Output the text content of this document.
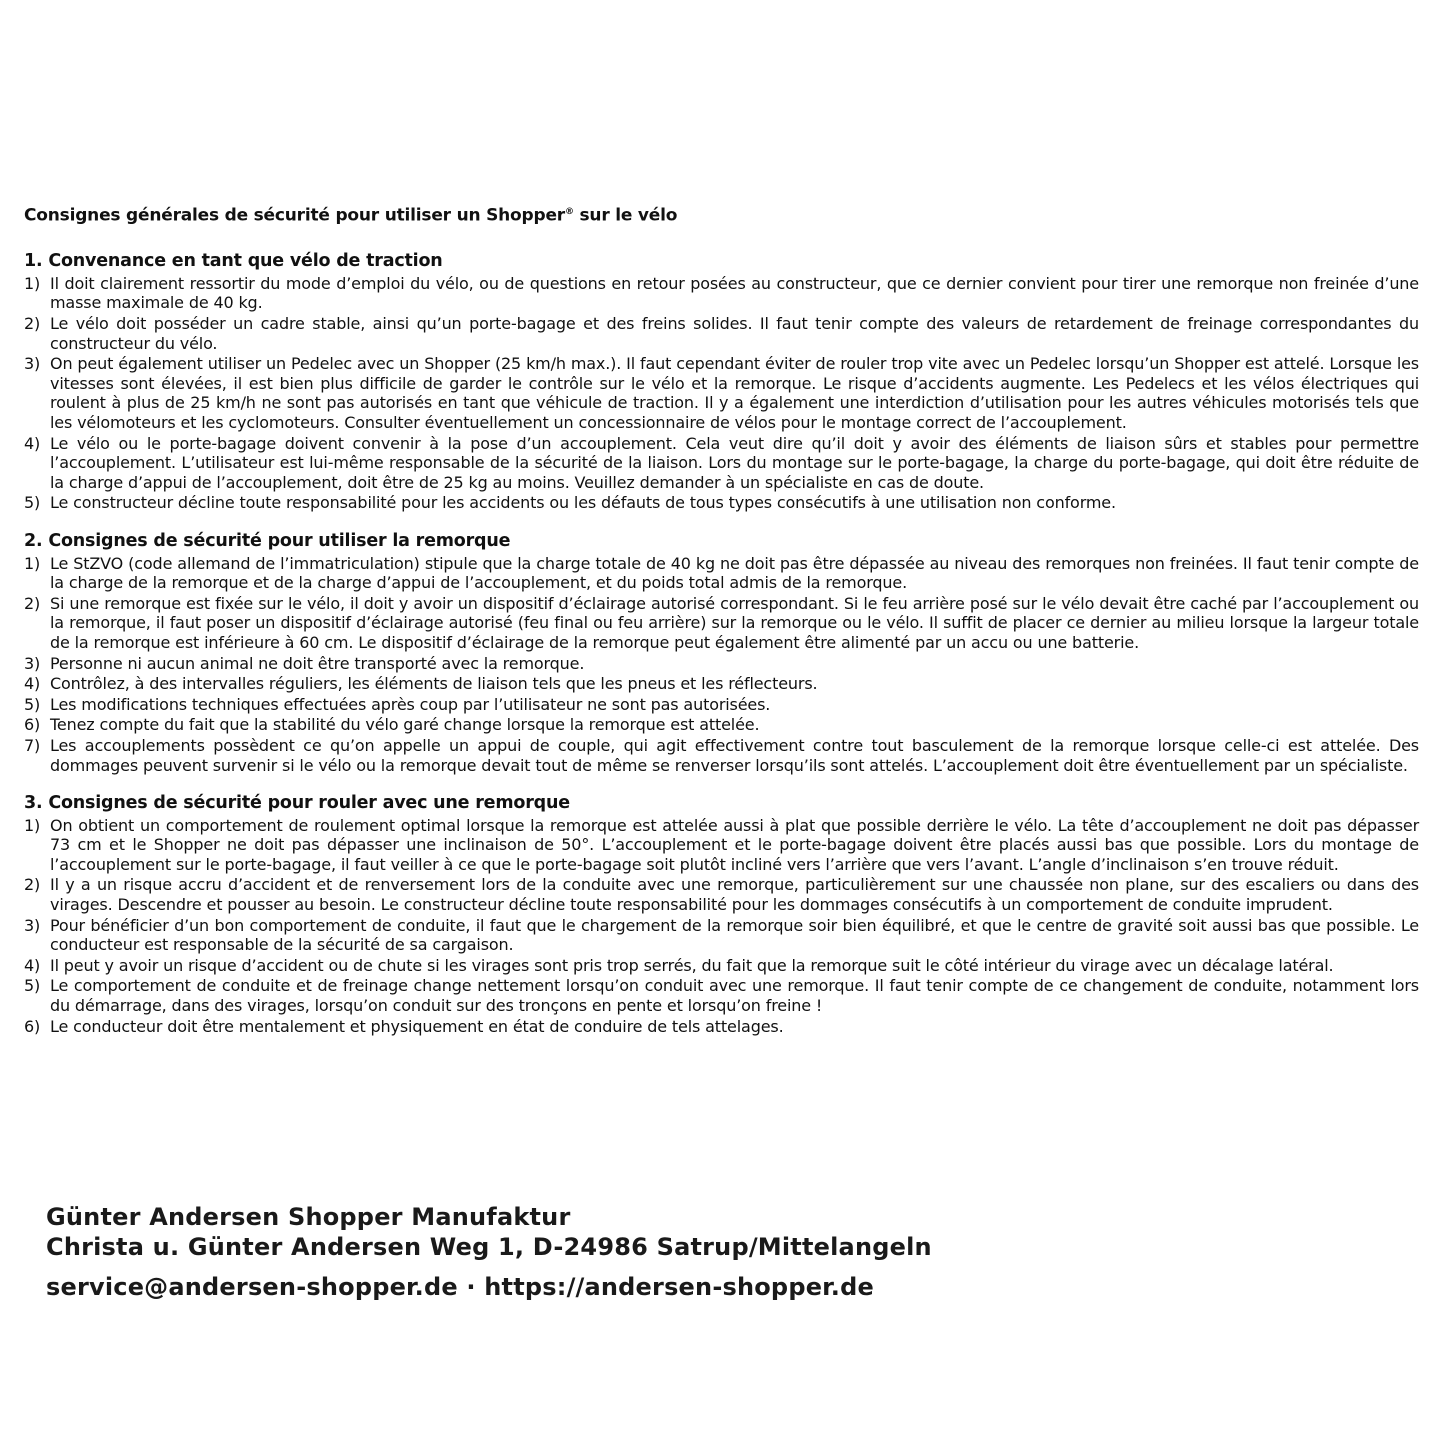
Consignes générales de sécurité pour utiliser un Shopper® sur le vélo
1. Convenance en tant que vélo de traction
1) Il doit clairement ressortir du mode d’emploi du vélo, ou de questions en retour posées au constructeur, que ce dernier convient pour tirer une remorque non freinée d’une masse maximale de 40 kg.
2) Le vélo doit posséder un cadre stable, ainsi qu’un porte-bagage et des freins solides. Il faut tenir compte des valeurs de retardement de freinage correspondantes du constructeur du vélo.
3) On peut également utiliser un Pedelec avec un Shopper (25 km/h max.). Il faut cependant éviter de rouler trop vite avec un Pedelec lorsqu’un Shopper est attelé. Lorsque les vitesses sont élevées, il est bien plus difficile de garder le contrôle sur le vélo et la remorque. Le risque d’accidents augmente. Les Pedelecs et les vélos électriques qui roulent à plus de 25 km/h ne sont pas autorisés en tant que véhicule de traction. Il y a également une interdiction d’utilisation pour les autres véhicules motorisés tels que les vélomoteurs et les cyclomoteurs. Consulter éventuellement un concessionnaire de vélos pour le montage correct de l’accouplement.
4) Le vélo ou le porte-bagage doivent convenir à la pose d’un accouplement. Cela veut dire qu’il doit y avoir des éléments de liaison sûrs et stables pour permettre l’accouplement. L’utilisateur est lui-même responsable de la sécurité de la liaison. Lors du montage sur le porte-bagage, la charge du porte-bagage, qui doit être réduite de la charge d’appui de l’accouplement, doit être de 25 kg au moins. Veuillez demander à un spécialiste en cas de doute.
5) Le constructeur décline toute responsabilité pour les accidents ou les défauts de tous types consécutifs à une utilisation non conforme.
2. Consignes de sécurité pour utiliser la remorque
1) Le StZVO (code allemand de l’immatriculation) stipule que la charge totale de 40 kg ne doit pas être dépassée au niveau des remorques non freinées. Il faut tenir compte de la charge de la remorque et de la charge d’appui de l’accouplement, et du poids total admis de la remorque.
2) Si une remorque est fixée sur le vélo, il doit y avoir un dispositif d’éclairage autorisé correspondant. Si le feu arrière posé sur le vélo devait être caché par l’accouplement ou la remorque, il faut poser un dispositif d’éclairage autorisé (feu final ou feu arrière) sur la remorque ou le vélo. Il suffit de placer ce dernier au milieu lorsque la largeur totale de la remorque est inférieure à 60 cm. Le dispositif d’éclairage de la remorque peut également être alimenté par un accu ou une batterie.
3) Personne ni aucun animal ne doit être transporté avec la remorque.
4) Contrôlez, à des intervalles réguliers, les éléments de liaison tels que les pneus et les réflecteurs.
5) Les modifications techniques effectuées après coup par l’utilisateur ne sont pas autorisées.
6) Tenez compte du fait que la stabilité du vélo garé change lorsque la remorque est attelée.
7) Les accouplements possèdent ce qu’on appelle un appui de couple, qui agit effectivement contre tout basculement de la remorque lorsque celle-ci est attelée. Des dommages peuvent survenir si le vélo ou la remorque devait tout de même se renverser lorsqu’ils sont attelés. L’accouplement doit être éventuellement par un spécialiste.
3. Consignes de sécurité pour rouler avec une remorque
1) On obtient un comportement de roulement optimal lorsque la remorque est attelée aussi à plat que possible derrière le vélo. La tête d’accouplement ne doit pas dépasser 73 cm et le Shopper ne doit pas dépasser une inclinaison de 50°. L’accouplement et le porte-bagage doivent être placés aussi bas que possible. Lors du montage de l’accouplement sur le porte-bagage, il faut veiller à ce que le porte-bagage soit plutôt incliné vers l’arrière que vers l’avant. L’angle d’inclinaison s’en trouve réduit.
2) Il y a un risque accru d’accident et de renversement lors de la conduite avec une remorque, particulièrement sur une chaussée non plane, sur des escaliers ou dans des virages. Descendre et pousser au besoin. Le constructeur décline toute responsabilité pour les dommages consécutifs à un comportement de conduite imprudent.
3) Pour bénéficier d’un bon comportement de conduite, il faut que le chargement de la remorque soir bien équilibré, et que le centre de gravité soit aussi bas que possible. Le conducteur est responsable de la sécurité de sa cargaison.
4) Il peut y avoir un risque d’accident ou de chute si les virages sont pris trop serrés, du fait que la remorque suit le côté intérieur du virage avec un décalage latéral.
5) Le comportement de conduite et de freinage change nettement lorsqu’on conduit avec une remorque. Il faut tenir compte de ce changement de conduite, notamment lors du démarrage, dans des virages, lorsqu’on conduit sur des tronçons en pente et lorsqu’on freine !
6) Le conducteur doit être mentalement et physiquement en état de conduire de tels attelages.
Günter Andersen Shopper Manufaktur
Christa u. Günter Andersen Weg 1, D-24986 Satrup/Mittelangeln
service@andersen-shopper.de · https://andersen-shopper.de
